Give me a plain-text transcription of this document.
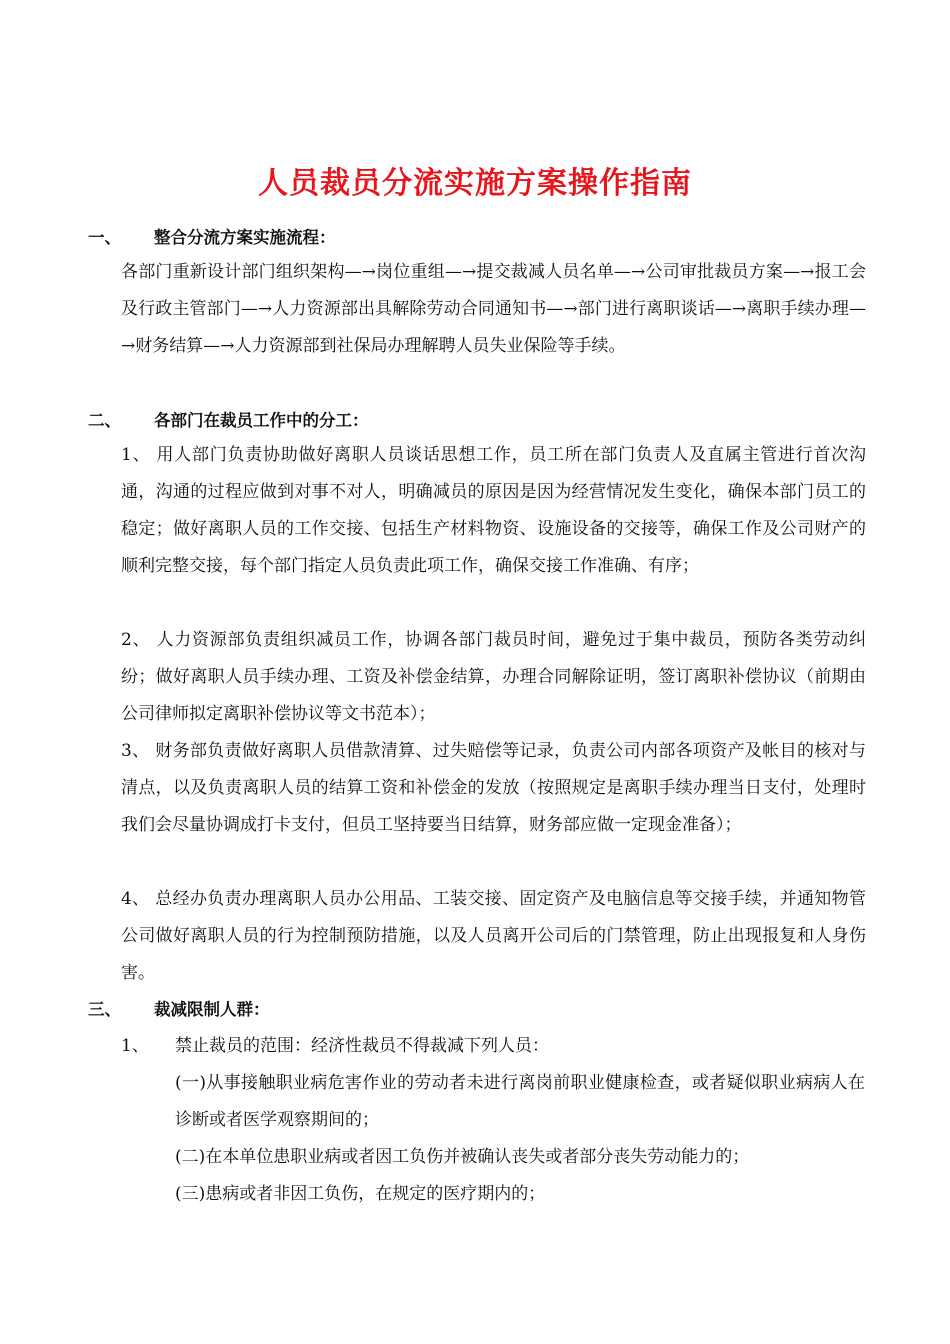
人员裁员分流实施方案操作指南
一、 整合分流方案实施流程：
各部门重新设计部门组织架构—→岗位重组—→提交裁减人员名单—→公司审批裁员方案—→报工会及行政主管部门—→人力资源部出具解除劳动合同通知书—→部门进行离职谈话—→离职手续办理—→财务结算—→人力资源部到社保局办理解聘人员失业保险等手续。
二、 各部门在裁员工作中的分工：
1、 用人部门负责协助做好离职人员谈话思想工作，员工所在部门负责人及直属主管进行首次沟通，沟通的过程应做到对事不对人，明确减员的原因是因为经营情况发生变化，确保本部门员工的稳定；做好离职人员的工作交接、包括生产材料物资、设施设备的交接等，确保工作及公司财产的顺利完整交接，每个部门指定人员负责此项工作，确保交接工作准确、有序；
2、 人力资源部负责组织减员工作，协调各部门裁员时间，避免过于集中裁员，预防各类劳动纠纷；做好离职人员手续办理、工资及补偿金结算，办理合同解除证明，签订离职补偿协议（前期由公司律师拟定离职补偿协议等文书范本）；
3、 财务部负责做好离职人员借款清算、过失赔偿等记录，负责公司内部各项资产及帐目的核对与清点，以及负责离职人员的结算工资和补偿金的发放（按照规定是离职手续办理当日支付，处理时我们会尽量协调成打卡支付，但员工坚持要当日结算，财务部应做一定现金准备）；
4、 总经办负责办理离职人员办公用品、工装交接、固定资产及电脑信息等交接手续，并通知物管公司做好离职人员的行为控制预防措施，以及人员离开公司后的门禁管理，防止出现报复和人身伤害。
三、 裁减限制人群：
1、 禁止裁员的范围：经济性裁员不得裁减下列人员：
(一)从事接触职业病危害作业的劳动者未进行离岗前职业健康检查，或者疑似职业病病人在诊断或者医学观察期间的；
(二)在本单位患职业病或者因工负伤并被确认丧失或者部分丧失劳动能力的；
(三)患病或者非因工负伤，在规定的医疗期内的；
